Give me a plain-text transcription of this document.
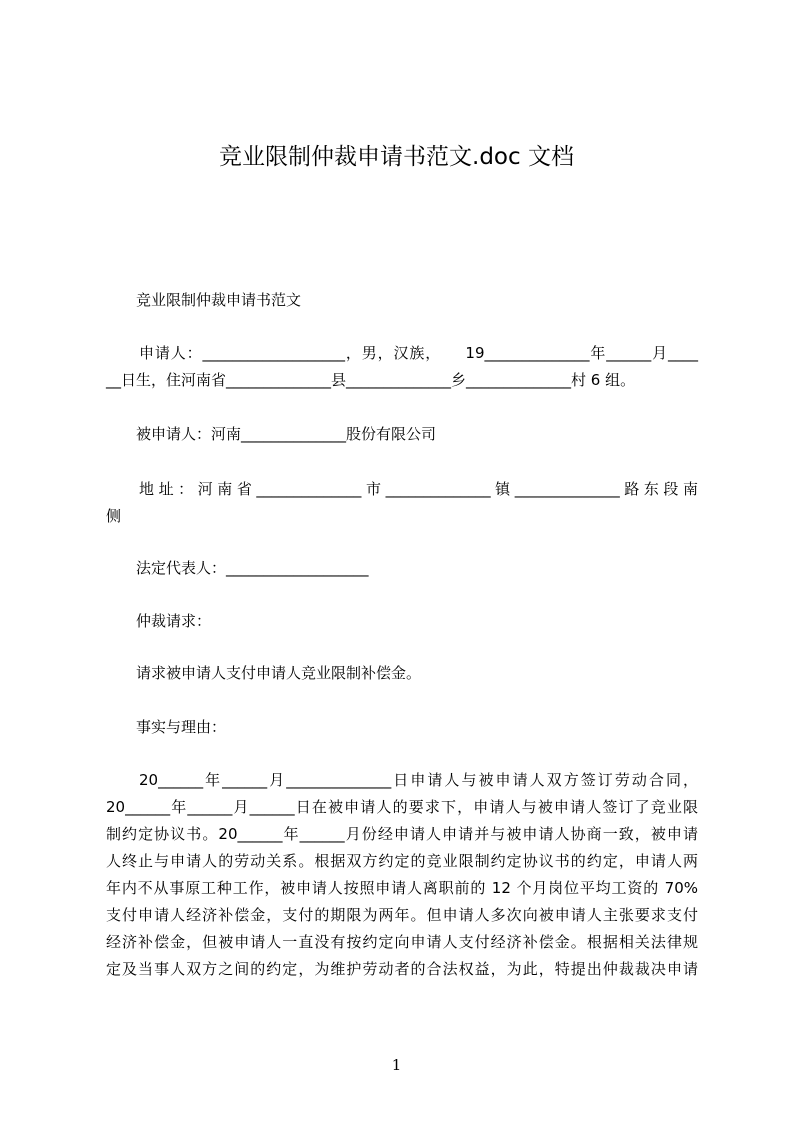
竞业限制仲裁申请书范文.doc 文档
竞业限制仲裁申请书范文
申请人：___________________，男，汉族，　　19______________年______月____
__日生，住河南省______________县______________乡______________村 6 组。
被申请人：河南______________股份有限公司
地址：河南省______________市______________镇______________路东段南
侧
法定代表人：___________________
仲裁请求：
请求被申请人支付申请人竞业限制补偿金。
事实与理由：
20______年______月______________日申请人与被申请人双方签订劳动合同，
20______年______月______日在被申请人的要求下，申请人与被申请人签订了竞业限
制约定协议书。20______年______月份经申请人申请并与被申请人协商一致，被申请
人终止与申请人的劳动关系。根据双方约定的竞业限制约定协议书的约定，申请人两
年内不从事原工种工作，被申请人按照申请人离职前的 12 个月岗位平均工资的 70%
支付申请人经济补偿金，支付的期限为两年。但申请人多次向被申请人主张要求支付
经济补偿金，但被申请人一直没有按约定向申请人支付经济补偿金。根据相关法律规
定及当事人双方之间的约定，为维护劳动者的合法权益，为此，特提出仲裁裁决申请
1
